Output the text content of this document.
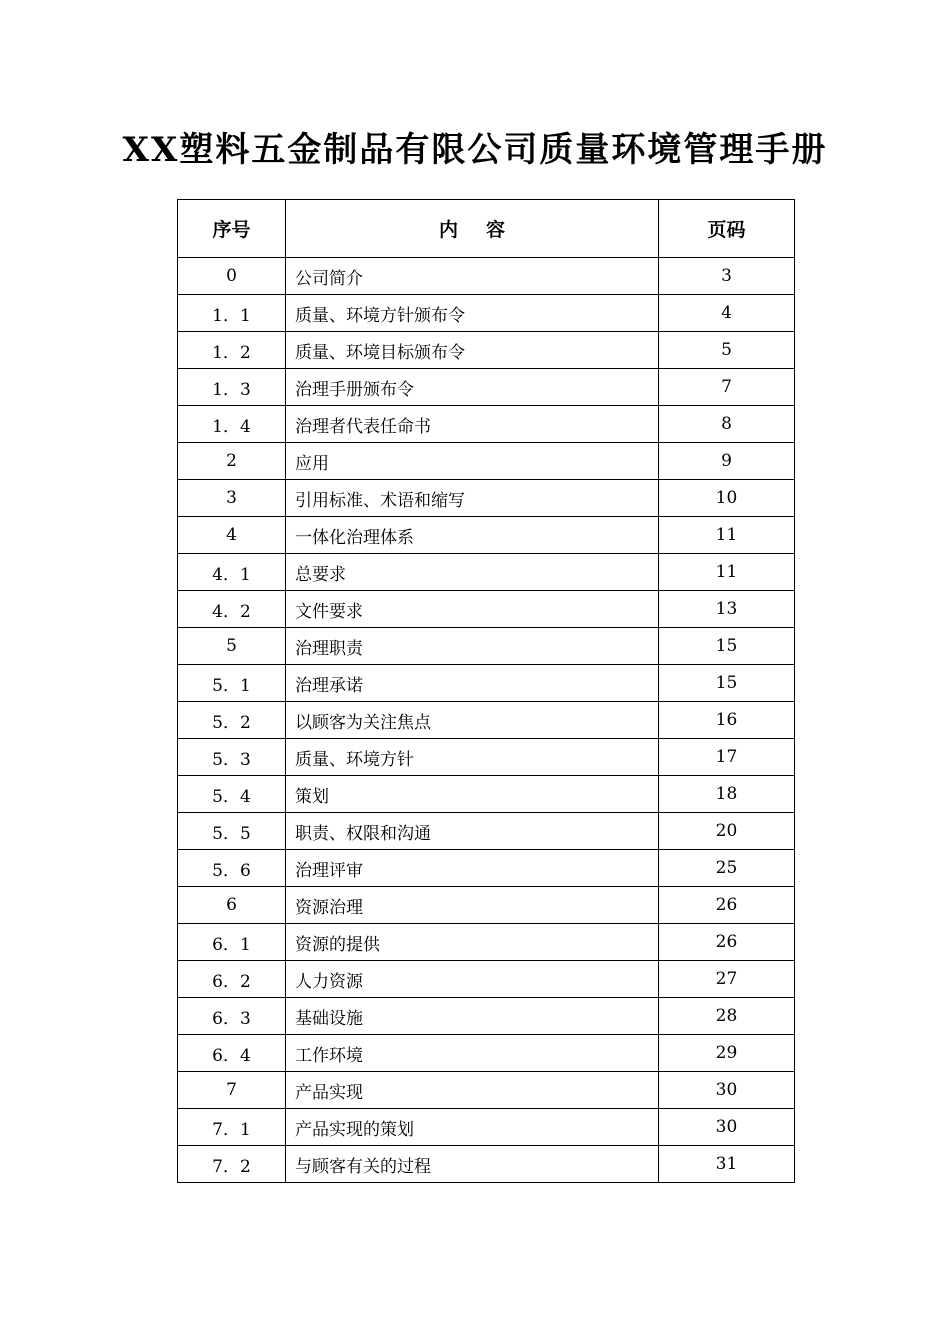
XX塑料五金制品有限公司质量环境管理手册
序号	内容	页码
0	公司简介	3
1．1	质量、环境方针颁布令	4
1．2	质量、环境目标颁布令	5
1．3	治理手册颁布令	7
1．4	治理者代表任命书	8
2	应用	9
3	引用标准、术语和缩写	10
4	一体化治理体系	11
4．1	总要求	11
4．2	文件要求	13
5	治理职责	15
5．1	治理承诺	15
5．2	以顾客为关注焦点	16
5．3	质量、环境方针	17
5．4	策划	18
5．5	职责、权限和沟通	20
5．6	治理评审	25
6	资源治理	26
6．1	资源的提供	26
6．2	人力资源	27
6．3	基础设施	28
6．4	工作环境	29
7	产品实现	30
7．1	产品实现的策划	30
7．2	与顾客有关的过程	31
